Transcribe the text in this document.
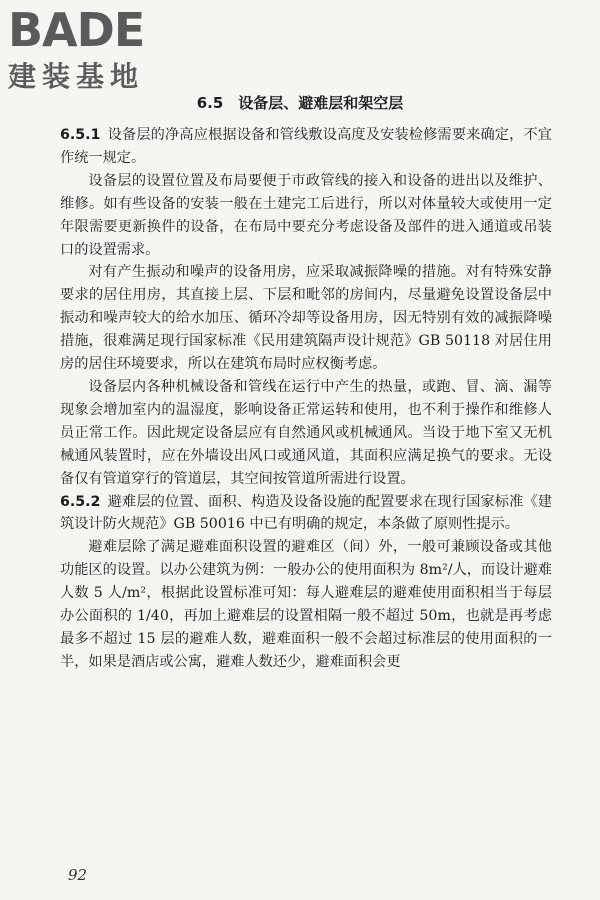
BADE
建装基地
6.5　设备层、避难层和架空层

6.5.1 设备层的净高应根据设备和管线敷设高度及安装检修需要来确定，不宜作统一规定。

设备层的设置位置及布局要便于市政管线的接入和设备的进出以及维护、维修。如有些设备的安装一般在土建完工后进行，所以对体量较大或使用一定年限需要更新换件的设备，在布局中要充分考虑设备及部件的进入通道或吊装口的设置需求。

对有产生振动和噪声的设备用房，应采取减振降噪的措施。对有特殊安静要求的居住用房，其直接上层、下层和毗邻的房间内，尽量避免设置设备层中振动和噪声较大的给水加压、循环冷却等设备用房，因无特别有效的减振降噪措施，很难满足现行国家标准《民用建筑隔声设计规范》GB 50118 对居住用房的居住环境要求，所以在建筑布局时应权衡考虑。

设备层内各种机械设备和管线在运行中产生的热量，或跑、冒、滴、漏等现象会增加室内的温湿度，影响设备正常运转和使用，也不利于操作和维修人员正常工作。因此规定设备层应有自然通风或机械通风。当设于地下室又无机械通风装置时，应在外墙设出风口或通风道，其面积应满足换气的要求。无设备仅有管道穿行的管道层，其空间按管道所需进行设置。

6.5.2 避难层的位置、面积、构造及设备设施的配置要求在现行国家标准《建筑设计防火规范》GB 50016 中已有明确的规定，本条做了原则性提示。

避难层除了满足避难面积设置的避难区（间）外，一般可兼顾设备或其他功能区的设置。以办公建筑为例：一般办公的使用面积为 8m²/人，而设计避难人数 5 人/m²，根据此设置标准可知：每人避难层的避难使用面积相当于每层办公面积的 1/40，再加上避难层的设置相隔一般不超过 50m，也就是再考虑最多不超过 15 层的避难人数，避难面积一般不会超过标准层的使用面积的一半，如果是酒店或公寓，避难人数还少，避难面积会更

92
